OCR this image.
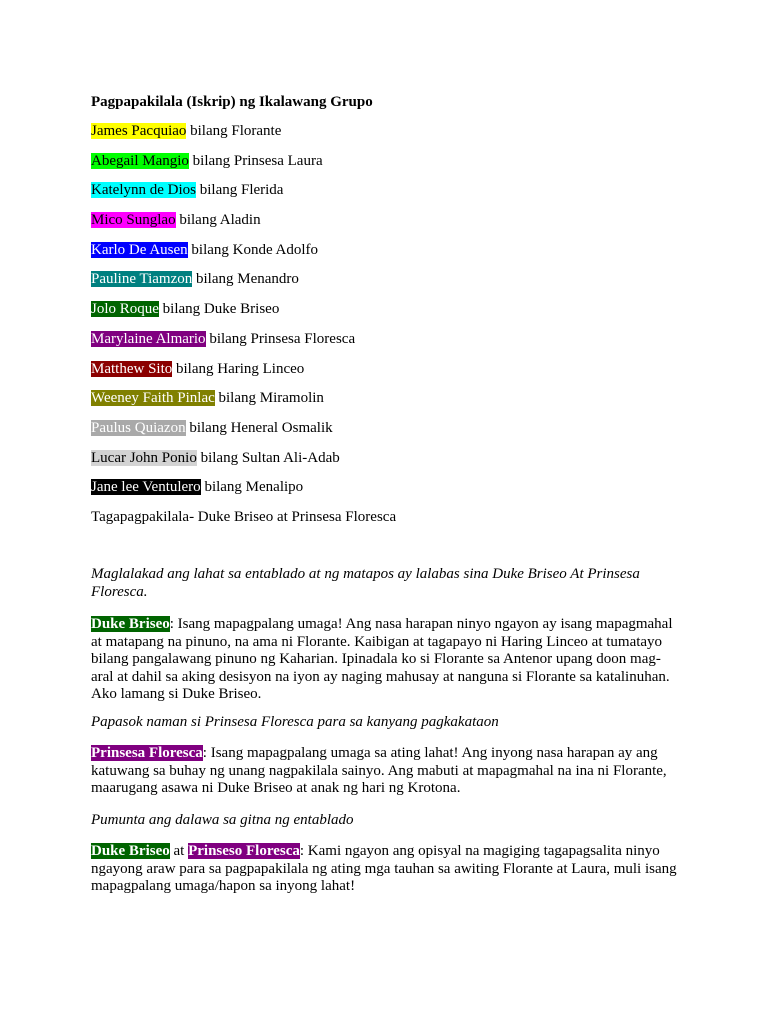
Pagpapakilala (Iskrip) ng Ikalawang Grupo

James Pacquiao bilang Florante
Abegail Mangio bilang Prinsesa Laura
Katelynn de Dios bilang Flerida
Mico Sunglao bilang Aladin
Karlo De Ausen bilang Konde Adolfo
Pauline Tiamzon bilang Menandro
Jolo Roque bilang Duke Briseo
Marylaine Almario bilang Prinsesa Floresca
Matthew Sito bilang Haring Linceo
Weeney Faith Pinlac bilang Miramolin
Paulus Quiazon bilang Heneral Osmalik
Lucar John Ponio bilang Sultan Ali-Adab
Jane lee Ventulero bilang Menalipo

Tagapagpakilala- Duke Briseo at Prinsesa Floresca

Maglalakad ang lahat sa entablado at ng matapos ay lalabas sina Duke Briseo At Prinsesa Floresca.

Duke Briseo: Isang mapagpalang umaga! Ang nasa harapan ninyo ngayon ay isang mapagmahal at matapang na pinuno, na ama ni Florante. Kaibigan at tagapayo ni Haring Linceo at tumatayo bilang pangalawang pinuno ng Kaharian. Ipinadala ko si Florante sa Antenor upang doon mag-aral at dahil sa aking desisyon na iyon ay naging mahusay at nanguna si Florante sa katalinuhan. Ako lamang si Duke Briseo.

Papasok naman si Prinsesa Floresca para sa kanyang pagkakataon

Prinsesa Floresca: Isang mapagpalang umaga sa ating lahat! Ang inyong nasa harapan ay ang katuwang sa buhay ng unang nagpakilala sainyo. Ang mabuti at mapagmahal na ina ni Florante, maarugang asawa ni Duke Briseo at anak ng hari ng Krotona.

Pumunta ang dalawa sa gitna ng entablado

Duke Briseo at Prinseso Floresca: Kami ngayon ang opisyal na magiging tagapagsalita ninyo ngayong araw para sa pagpapakilala ng ating mga tauhan sa awiting Florante at Laura, muli isang mapagpalang umaga/hapon sa inyong lahat!
